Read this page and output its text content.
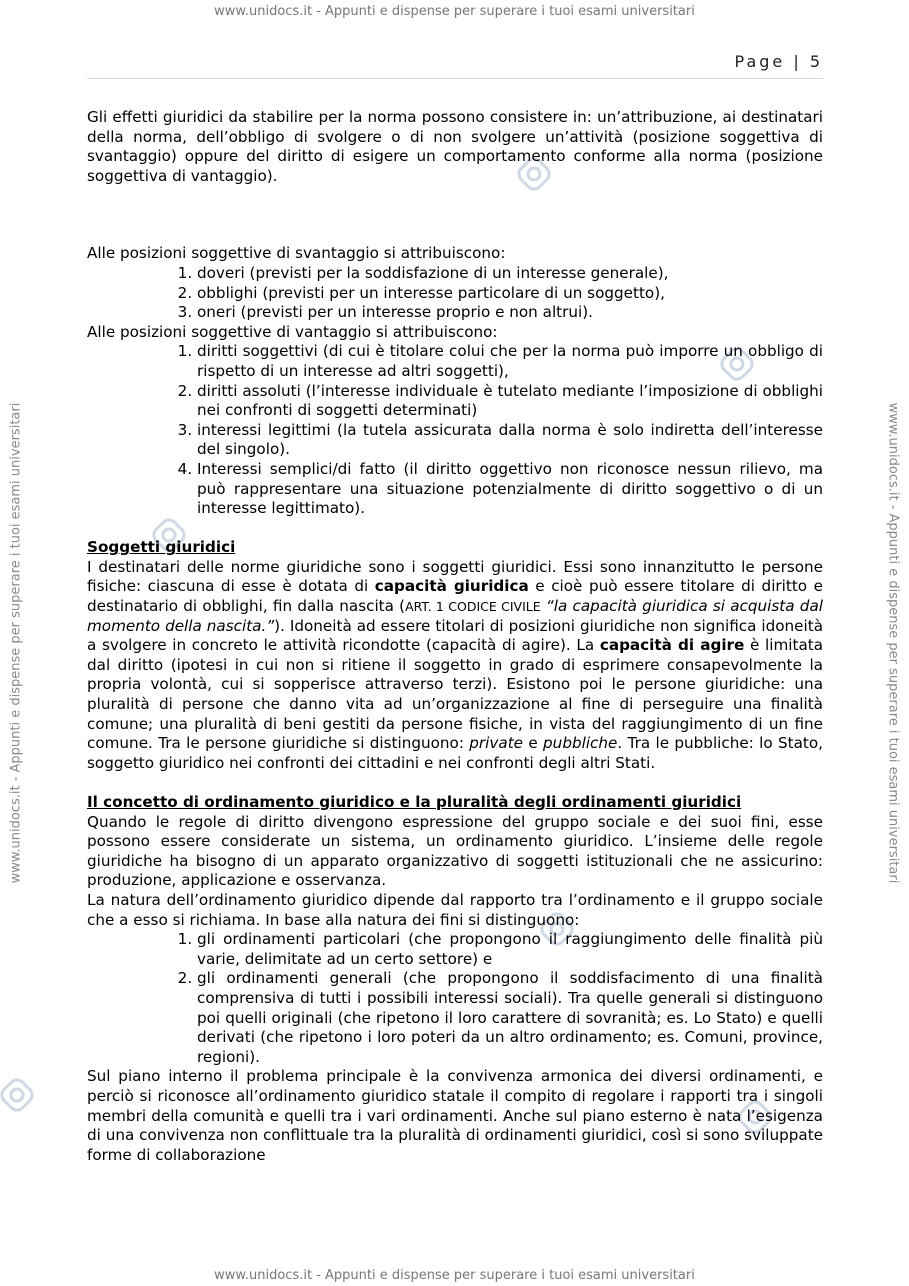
www.unidocs.it - Appunti e dispense per superare i tuoi esami universitari
www.unidocs.it - Appunti e dispense per superare i tuoi esami universitari
www.unidocs.it - Appunti e dispense per superare i tuoi esami universitari	www.unidocs.it - Appunti e dispense per superare i tuoi esami universitari
Page | 5

Gli effetti giuridici da stabilire per la norma possono consistere in: un’attribuzione, ai destinatari della norma, dell’obbligo di svolgere o di non svolgere un’attività (posizione soggettiva di svantaggio) oppure del diritto di esigere un comportamento conforme alla norma (posizione soggettiva di vantaggio).

Alle posizioni soggettive di svantaggio si attribuiscono:

1. doveri (previsti per la soddisfazione di un interesse generale),
2. obblighi (previsti per un interesse particolare di un soggetto),
3. oneri (previsti per un interesse proprio e non altrui).

Alle posizioni soggettive di vantaggio si attribuiscono:

1. diritti soggettivi (di cui è titolare colui che per la norma può imporre un obbligo di rispetto di un interesse ad altri soggetti),
2. diritti assoluti (l’interesse individuale è tutelato mediante l’imposizione di obblighi nei confronti di soggetti determinati)
3. interessi legittimi (la tutela assicurata dalla norma è solo indiretta dell’interesse del singolo).
4. Interessi semplici/di fatto (il diritto oggettivo non riconosce nessun rilievo, ma può rappresentare una situazione potenzialmente di diritto soggettivo o di un interesse legittimato).

Soggetti giuridici

I destinatari delle norme giuridiche sono i soggetti giuridici. Essi sono innanzitutto le persone fisiche: ciascuna di esse è dotata di capacità giuridica e cioè può essere titolare di diritto e destinatario di obblighi, fin dalla nascita (ART. 1 CODICE CIVILE “la capacità giuridica si acquista dal momento della nascita.”). Idoneità ad essere titolari di posizioni giuridiche non significa idoneità a svolgere in concreto le attività ricondotte (capacità di agire). La capacità di agire è limitata dal diritto (ipotesi in cui non si ritiene il soggetto in grado di esprimere consapevolmente la propria volontà, cui si sopperisce attraverso terzi). Esistono poi le persone giuridiche: una pluralità di persone che danno vita ad un’organizzazione al fine di perseguire una finalità comune; una pluralità di beni gestiti da persone fisiche, in vista del raggiungimento di un fine comune. Tra le persone giuridiche si distinguono: private e pubbliche. Tra le pubbliche: lo Stato, soggetto giuridico nei confronti dei cittadini e nei confronti degli altri Stati.

Il concetto di ordinamento giuridico e la pluralità degli ordinamenti giuridici

Quando le regole di diritto divengono espressione del gruppo sociale e dei suoi fini, esse possono essere considerate un sistema, un ordinamento giuridico. L’insieme delle regole giuridiche ha bisogno di un apparato organizzativo di soggetti istituzionali che ne assicurino: produzione, applicazione e osservanza.

La natura dell’ordinamento giuridico dipende dal rapporto tra l’ordinamento e il gruppo sociale che a esso si richiama. In base alla natura dei fini si distinguono:

1. gli ordinamenti particolari (che propongono il raggiungimento delle finalità più varie, delimitate ad un certo settore) e
2. gli ordinamenti generali (che propongono il soddisfacimento di una finalità comprensiva di tutti i possibili interessi sociali). Tra quelle generali si distinguono poi quelli originali (che ripetono il loro carattere di sovranità; es. Lo Stato) e quelli derivati (che ripetono i loro poteri da un altro ordinamento; es. Comuni, province, regioni).

Sul piano interno il problema principale è la convivenza armonica dei diversi ordinamenti, e perciò si riconosce all’ordinamento giuridico statale il compito di regolare i rapporti tra i singoli membri della comunità e quelli tra i vari ordinamenti. Anche sul piano esterno è nata l’esigenza di una convivenza non conflittuale tra la pluralità di ordinamenti giuridici, così si sono sviluppate forme di collaborazione
